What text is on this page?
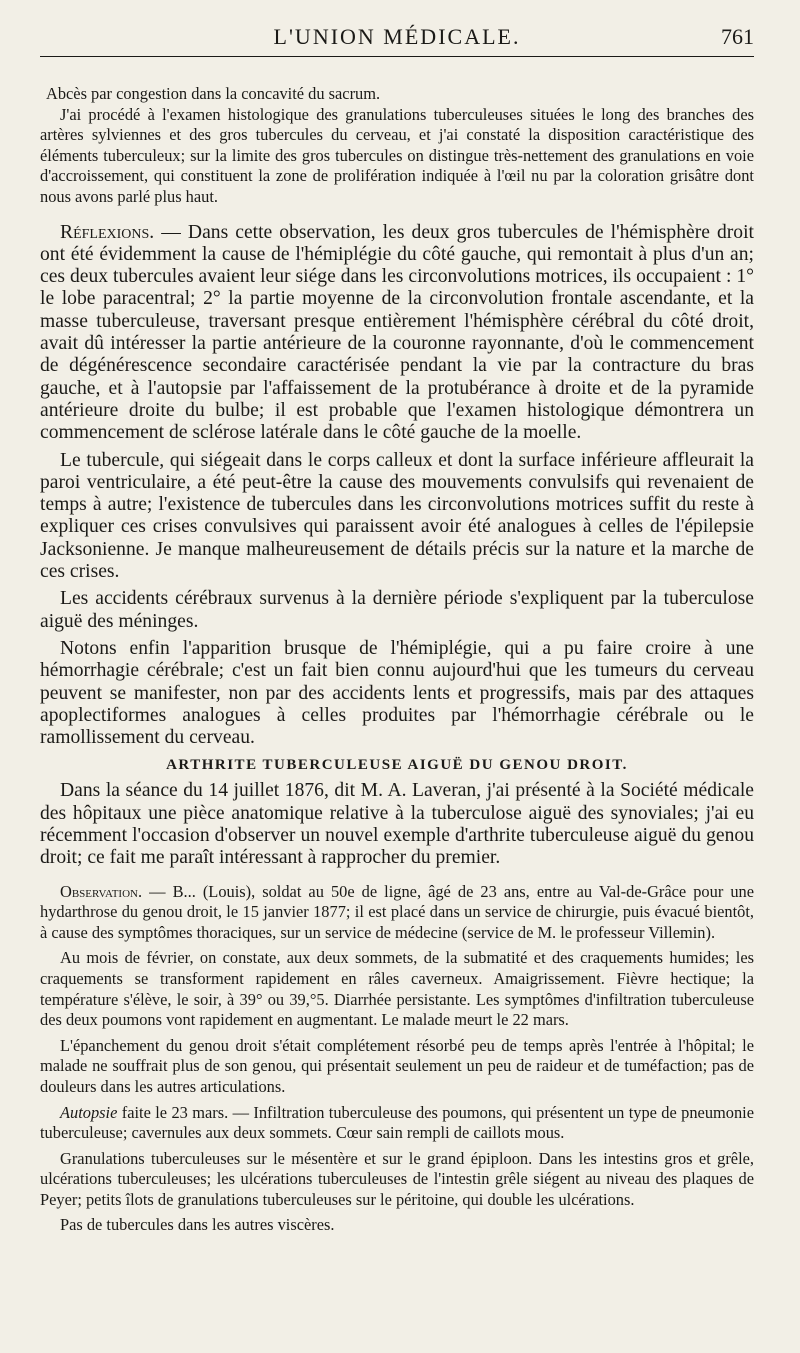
L'UNION MÉDICALE.	761

Abcès par congestion dans la concavité du sacrum.

J'ai procédé à l'examen histologique des granulations tuberculeuses situées le long des branches des artères sylviennes et des gros tubercules du cerveau, et j'ai constaté la disposition caractéristique des éléments tuberculeux; sur la limite des gros tubercules on distingue très-nettement des granulations en voie d'accroissement, qui constituent la zone de prolifération indiquée à l'œil nu par la coloration grisâtre dont nous avons parlé plus haut.

Réflexions. — Dans cette observation, les deux gros tubercules de l'hémisphère droit ont été évidemment la cause de l'hémiplégie du côté gauche, qui remontait à plus d'un an; ces deux tubercules avaient leur siége dans les circonvolutions motrices, ils occupaient : 1° le lobe paracentral; 2° la partie moyenne de la circonvolution frontale ascendante, et la masse tuberculeuse, traversant presque entièrement l'hémisphère cérébral du côté droit, avait dû intéresser la partie antérieure de la couronne rayonnante, d'où le commencement de dégénérescence secondaire caractérisée pendant la vie par la contracture du bras gauche, et à l'autopsie par l'affaissement de la protubérance à droite et de la pyramide antérieure droite du bulbe; il est probable que l'examen histologique démontrera un commencement de sclérose latérale dans le côté gauche de la moelle.

Le tubercule, qui siégeait dans le corps calleux et dont la surface inférieure affleurait la paroi ventriculaire, a été peut-être la cause des mouvements convulsifs qui revenaient de temps à autre; l'existence de tubercules dans les circonvolutions motrices suffit du reste à expliquer ces crises convulsives qui paraissent avoir été analogues à celles de l'épilepsie Jacksonienne. Je manque malheureusement de détails précis sur la nature et la marche de ces crises.

Les accidents cérébraux survenus à la dernière période s'expliquent par la tuberculose aiguë des méninges.

Notons enfin l'apparition brusque de l'hémiplégie, qui a pu faire croire à une hémorrhagie cérébrale; c'est un fait bien connu aujourd'hui que les tumeurs du cerveau peuvent se manifester, non par des accidents lents et progressifs, mais par des attaques apoplectiformes analogues à celles produites par l'hémorrhagie cérébrale ou le ramollissement du cerveau.

ARTHRITE TUBERCULEUSE AIGUË DU GENOU DROIT.

Dans la séance du 14 juillet 1876, dit M. A. Laveran, j'ai présenté à la Société médicale des hôpitaux une pièce anatomique relative à la tuberculose aiguë des synoviales; j'ai eu récemment l'occasion d'observer un nouvel exemple d'arthrite tuberculeuse aiguë du genou droit; ce fait me paraît intéressant à rapprocher du premier.

Observation. — B... (Louis), soldat au 50e de ligne, âgé de 23 ans, entre au Val-de-Grâce pour une hydarthrose du genou droit, le 15 janvier 1877; il est placé dans un service de chirurgie, puis évacué bientôt, à cause des symptômes thoraciques, sur un service de médecine (service de M. le professeur Villemin).

Au mois de février, on constate, aux deux sommets, de la submatité et des craquements humides; les craquements se transforment rapidement en râles caverneux. Amaigrissement. Fièvre hectique; la température s'élève, le soir, à 39° ou 39,°5. Diarrhée persistante. Les symptômes d'infiltration tuberculeuse des deux poumons vont rapidement en augmentant. Le malade meurt le 22 mars.

L'épanchement du genou droit s'était complétement résorbé peu de temps après l'entrée à l'hôpital; le malade ne souffrait plus de son genou, qui présentait seulement un peu de raideur et de tuméfaction; pas de douleurs dans les autres articulations.

Autopsie faite le 23 mars. — Infiltration tuberculeuse des poumons, qui présentent un type de pneumonie tuberculeuse; cavernules aux deux sommets. Cœur sain rempli de caillots mous.

Granulations tuberculeuses sur le mésentère et sur le grand épiploon. Dans les intestins gros et grêle, ulcérations tuberculeuses; les ulcérations tuberculeuses de l'intestin grêle siégent au niveau des plaques de Peyer; petits îlots de granulations tuberculeuses sur le péritoine, qui double les ulcérations.

Pas de tubercules dans les autres viscères.
